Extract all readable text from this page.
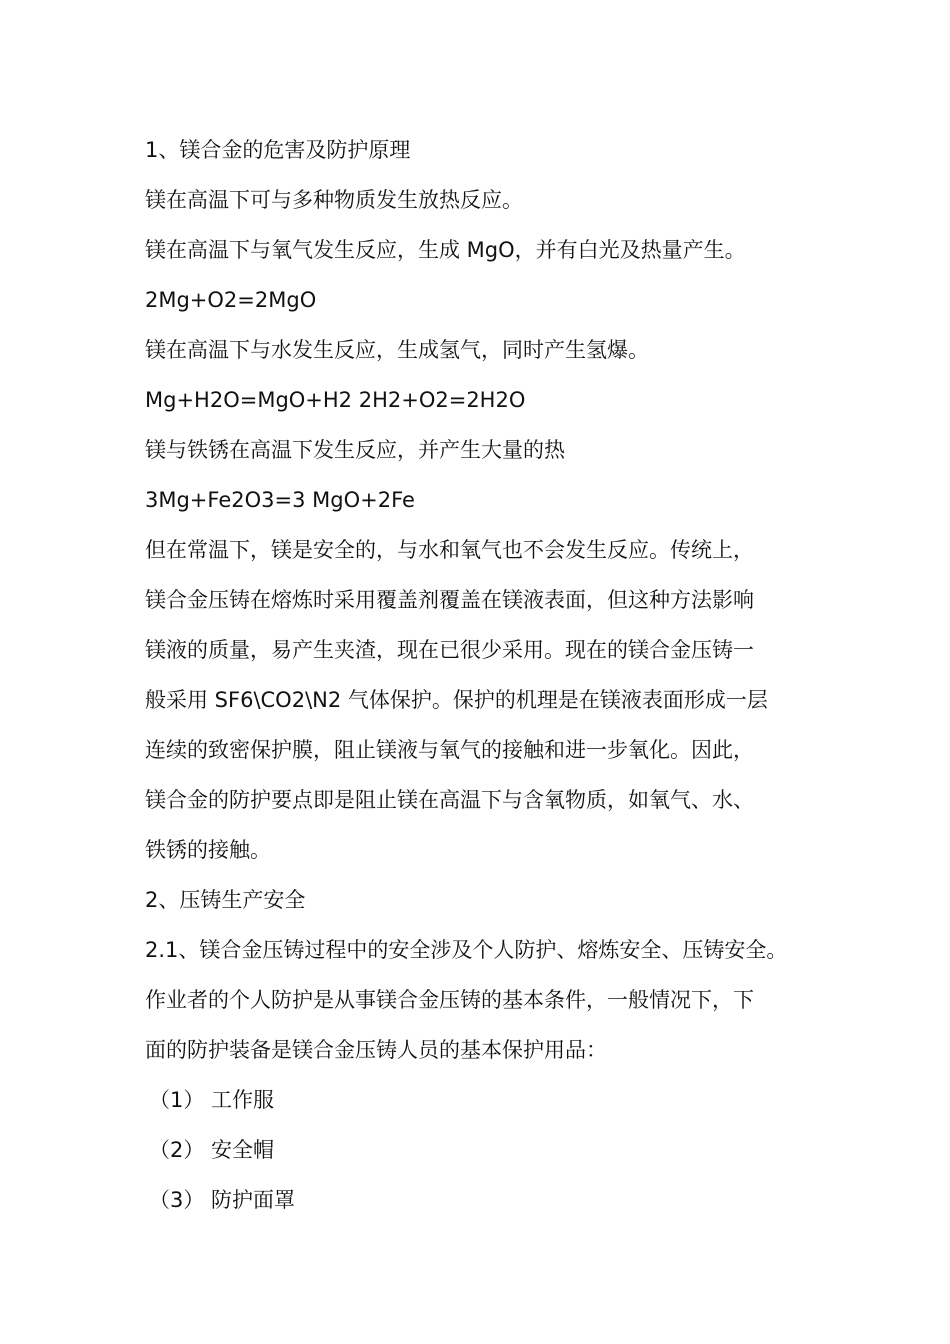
1、镁合金的危害及防护原理
镁在高温下可与多种物质发生放热反应。
镁在高温下与氧气发生反应，生成 MgO，并有白光及热量产生。
2Mg+O2=2MgO
镁在高温下与水发生反应，生成氢气，同时产生氢爆。
Mg+H2O=MgO+H2 2H2+O2=2H2O
镁与铁锈在高温下发生反应，并产生大量的热
3Mg+Fe2O3=3 MgO+2Fe
但在常温下，镁是安全的，与水和氧气也不会发生反应。传统上，
镁合金压铸在熔炼时采用覆盖剂覆盖在镁液表面，但这种方法影响
镁液的质量，易产生夹渣，现在已很少采用。现在的镁合金压铸一
般采用 SF6\CO2\N2 气体保护。保护的机理是在镁液表面形成一层
连续的致密保护膜，阻止镁液与氧气的接触和进一步氧化。因此，
镁合金的防护要点即是阻止镁在高温下与含氧物质，如氧气、水、
铁锈的接触。
2、压铸生产安全
2.1、镁合金压铸过程中的安全涉及个人防护、熔炼安全、压铸安全。
作业者的个人防护是从事镁合金压铸的基本条件，一般情况下，下
面的防护装备是镁合金压铸人员的基本保护用品：
（1） 工作服
（2） 安全帽
（3） 防护面罩
